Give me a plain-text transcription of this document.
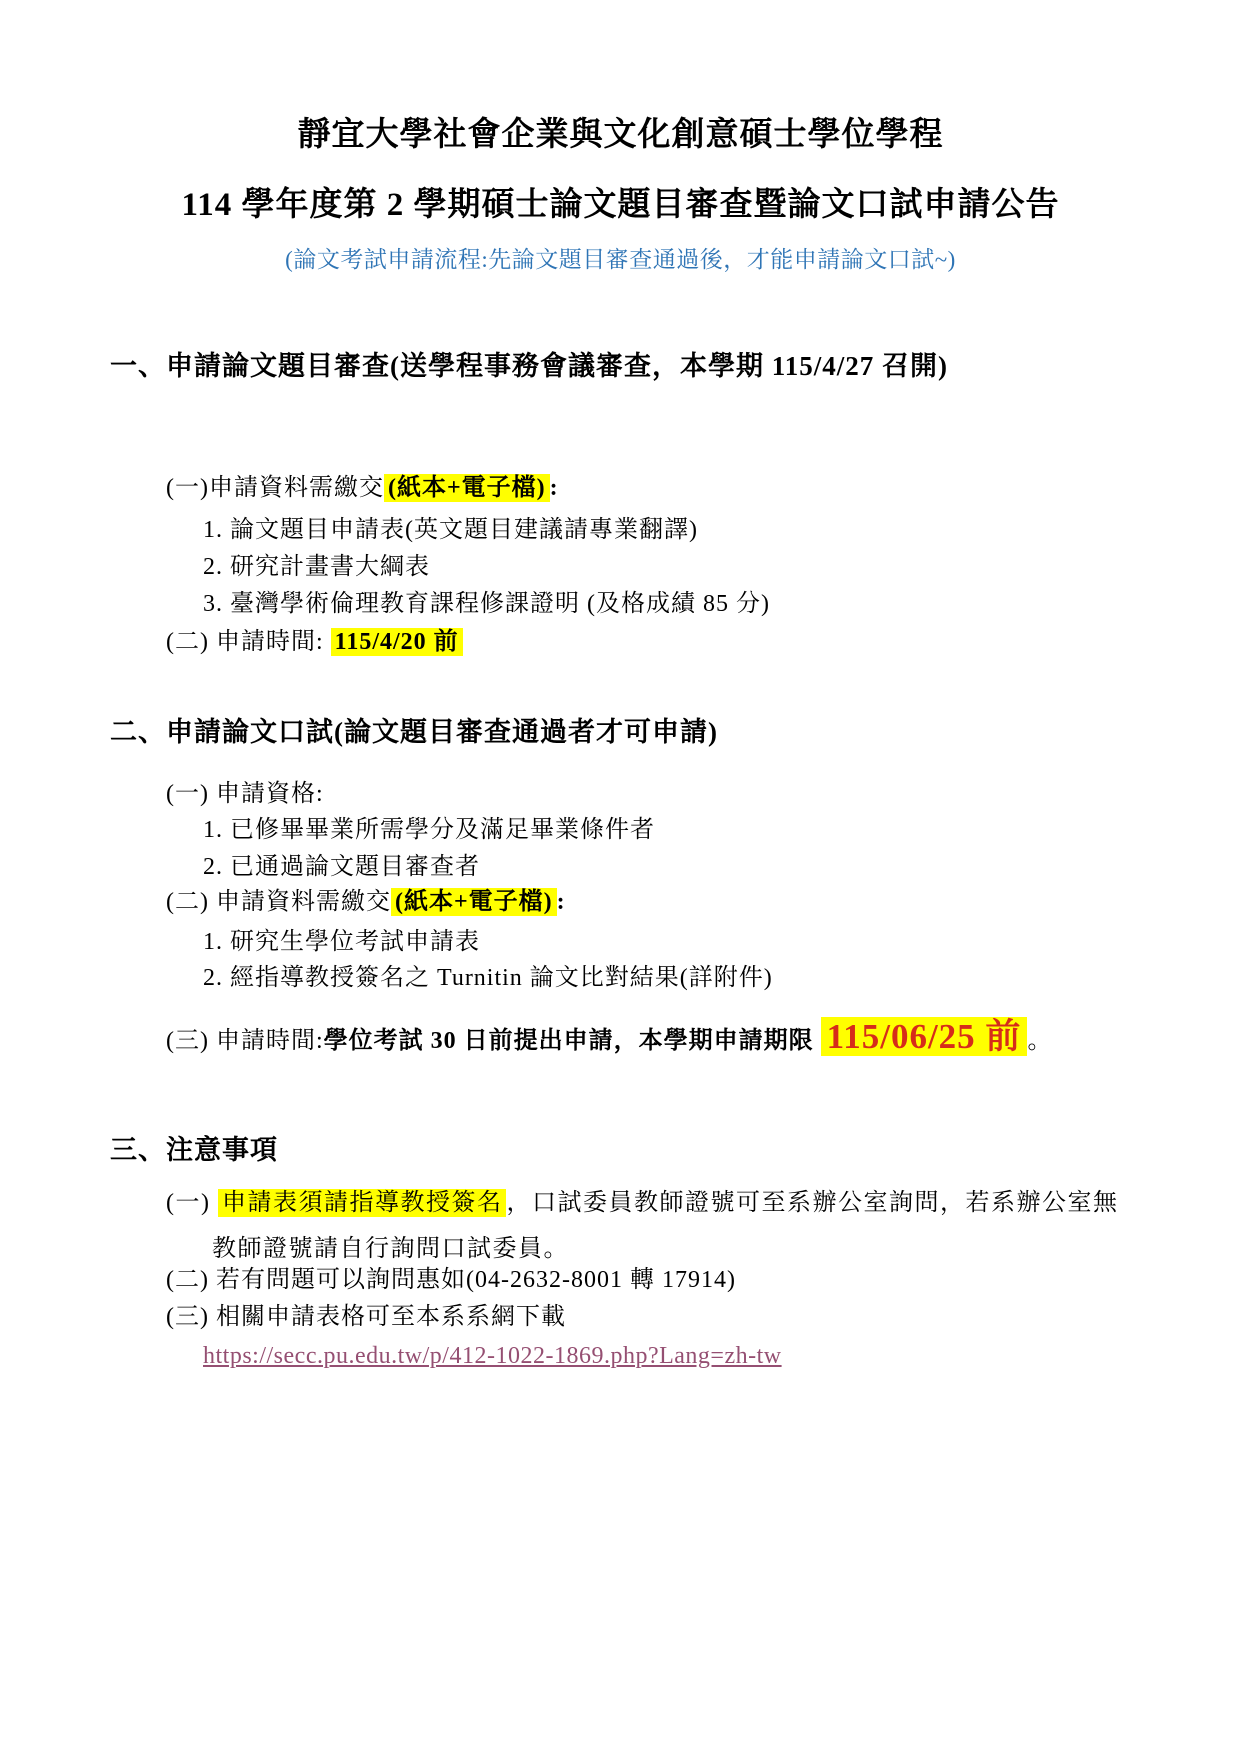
靜宜大學社會企業與文化創意碩士學位學程
114 學年度第 2 學期碩士論文題目審查暨論文口試申請公告
(論文考試申請流程:先論文題目審查通過後，才能申請論文口試~)
一、申請論文題目審查(送學程事務會議審查，本學期 115/4/27 召開)
(一)申請資料需繳交 (紙本+電子檔) :
1. 論文題目申請表(英文題目建議請專業翻譯)
2. 研究計畫書大綱表
3. 臺灣學術倫理教育課程修課證明 (及格成績 85 分)
(二) 申請時間: 115/4/20 前
二、申請論文口試(論文題目審查通過者才可申請)
(一) 申請資格:
1. 已修畢畢業所需學分及滿足畢業條件者
2. 已通過論文題目審查者
(二) 申請資料需繳交 (紙本+電子檔) :
1. 研究生學位考試申請表
2. 經指導教授簽名之 Turnitin 論文比對結果(詳附件)
(三) 申請時間:學位考試 30 日前提出申請，本學期申請期限 115/06/25 前 。
三、注意事項
(一) 申請表須請指導教授簽名 ，口試委員教師證號可至系辦公室詢問，若系辦公室無教師證號請自行詢問口試委員。
(二) 若有問題可以詢問惠如(04-2632-8001 轉 17914)
(三) 相關申請表格可至本系系網下載
https://secc.pu.edu.tw/p/412-1022-1869.php?Lang=zh-tw
